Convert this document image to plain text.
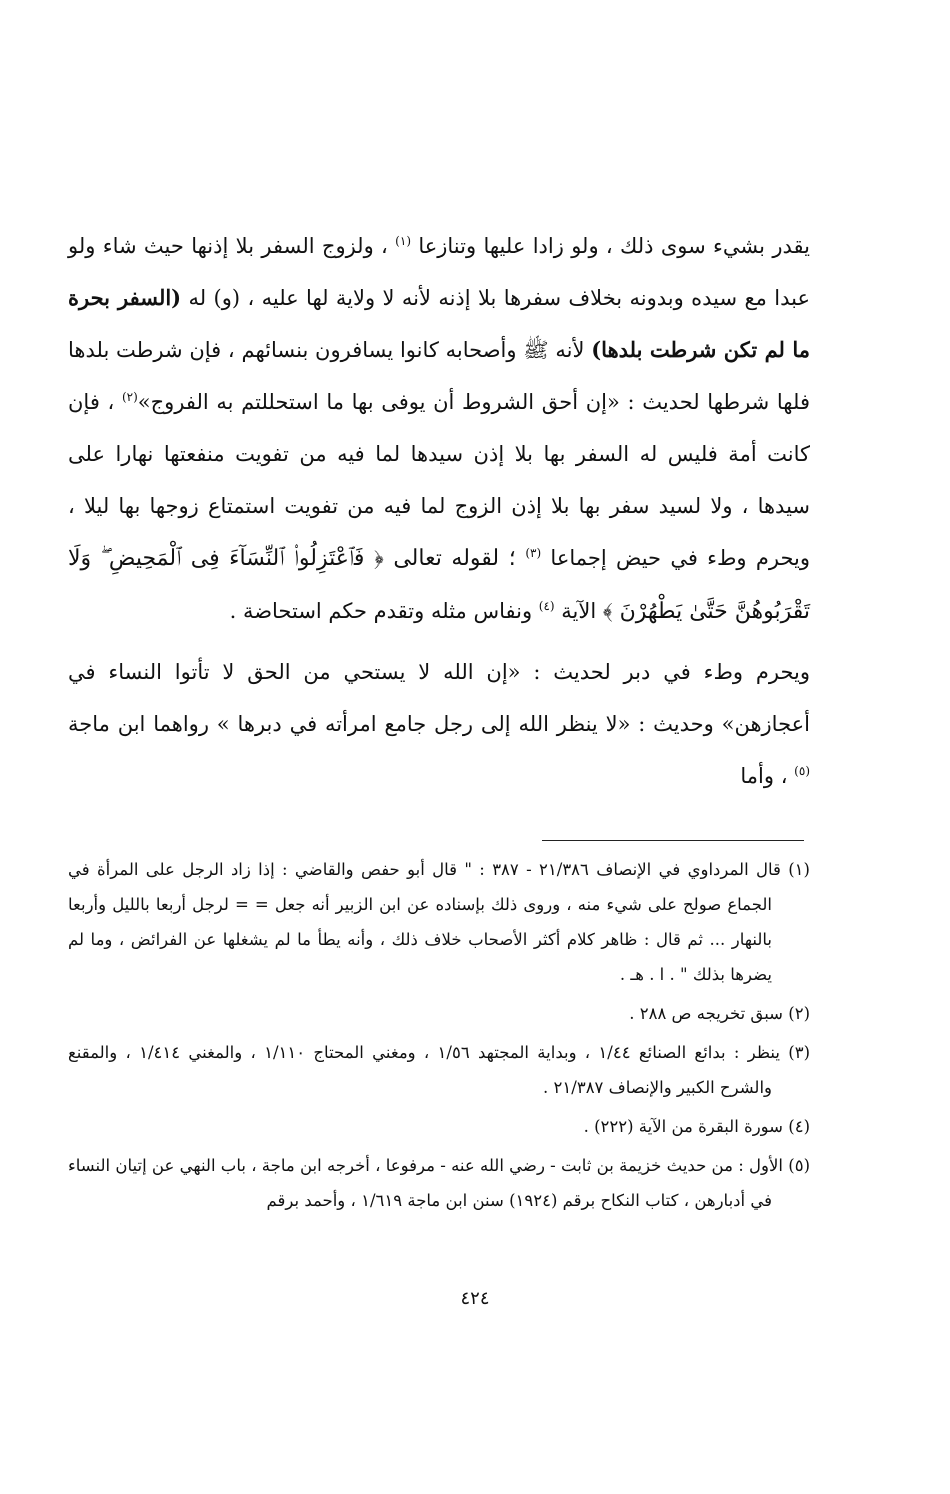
يقدر بشيء سوى ذلك ، ولو زادا عليها وتنازعا $^{(١)}$ ، ولزوج السفر بلا إذنها حيث شاء ولو عبدا مع سيده وبدونه بخلاف سفرها بلا إذنه لأنه لا ولاية لها عليه ، (و) له (السفر بحرة ما لم تكن شرطت بلدها) لأنه ﷺ وأصحابه كانوا يسافرون بنسائهم ، فإن شرطت بلدها فلها شرطها لحديث : «إن أحق الشروط أن يوفى بها ما استحللتم به الفروج»$^{(٢)}$ ، فإن كانت أمة فليس له السفر بها بلا إذن سيدها لما فيه من تفويت منفعتها نهارا على سيدها ، ولا لسيد سفر بها بلا إذن الزوج لما فيه من تفويت استمتاع زوجها بها ليلا ، ويحرم وطء في حيض إجماعا $^{(٣)}$ ؛ لقوله تعالى ﴿ فَٱعْتَزِلُوا۟ ٱلنِّسَآءَ فِى ٱلْمَحِيضِ ۖ وَلَا تَقْرَبُوهُنَّ حَتَّىٰ يَطْهُرْنَ ﴾ الآية $^{(٤)}$ ونفاس مثله وتقدم حكم استحاضة .

ويحرم وطء في دبر لحديث : «إن الله لا يستحي من الحق لا تأتوا النساء في أعجازهن» وحديث : «لا ينظر الله إلى رجل جامع امرأته في دبرها » رواهما ابن ماجة $^{(٥)}$ ، وأما

(١) قال المرداوي في الإنصاف ٢١/٣٨٦ - ٣٨٧ : " قال أبو حفص والقاضي : إذا زاد الرجل على المرأة في الجماع صولح على شيء منه ، وروى ذلك بإسناده عن ابن الزبير أنه جعل = = لرجل أربعا بالليل وأربعا بالنهار ... ثم قال : ظاهر كلام أكثر الأصحاب خلاف ذلك ، وأنه يطأ ما لم يشغلها عن الفرائض ، وما لم يضرها بذلك " . ا . هـ .

(٢) سبق تخريجه ص ٢٨٨ .

(٣) ينظر : بدائع الصنائع ١/٤٤ ، وبداية المجتهد ١/٥٦ ، ومغني المحتاج ١/١١٠ ، والمغني ١/٤١٤ ، والمقنع والشرح الكبير والإنصاف ٢١/٣٨٧ .

(٤) سورة البقرة من الآية (٢٢٢) .

(٥) الأول : من حديث خزيمة بن ثابت - رضي الله عنه - مرفوعا ، أخرجه ابن ماجة ، باب النهي عن إتيان النساء في أدبارهن ، كتاب النكاح برقم (١٩٢٤) سنن ابن ماجة ١/٦١٩ ، وأحمد برقم

٤٢٤
